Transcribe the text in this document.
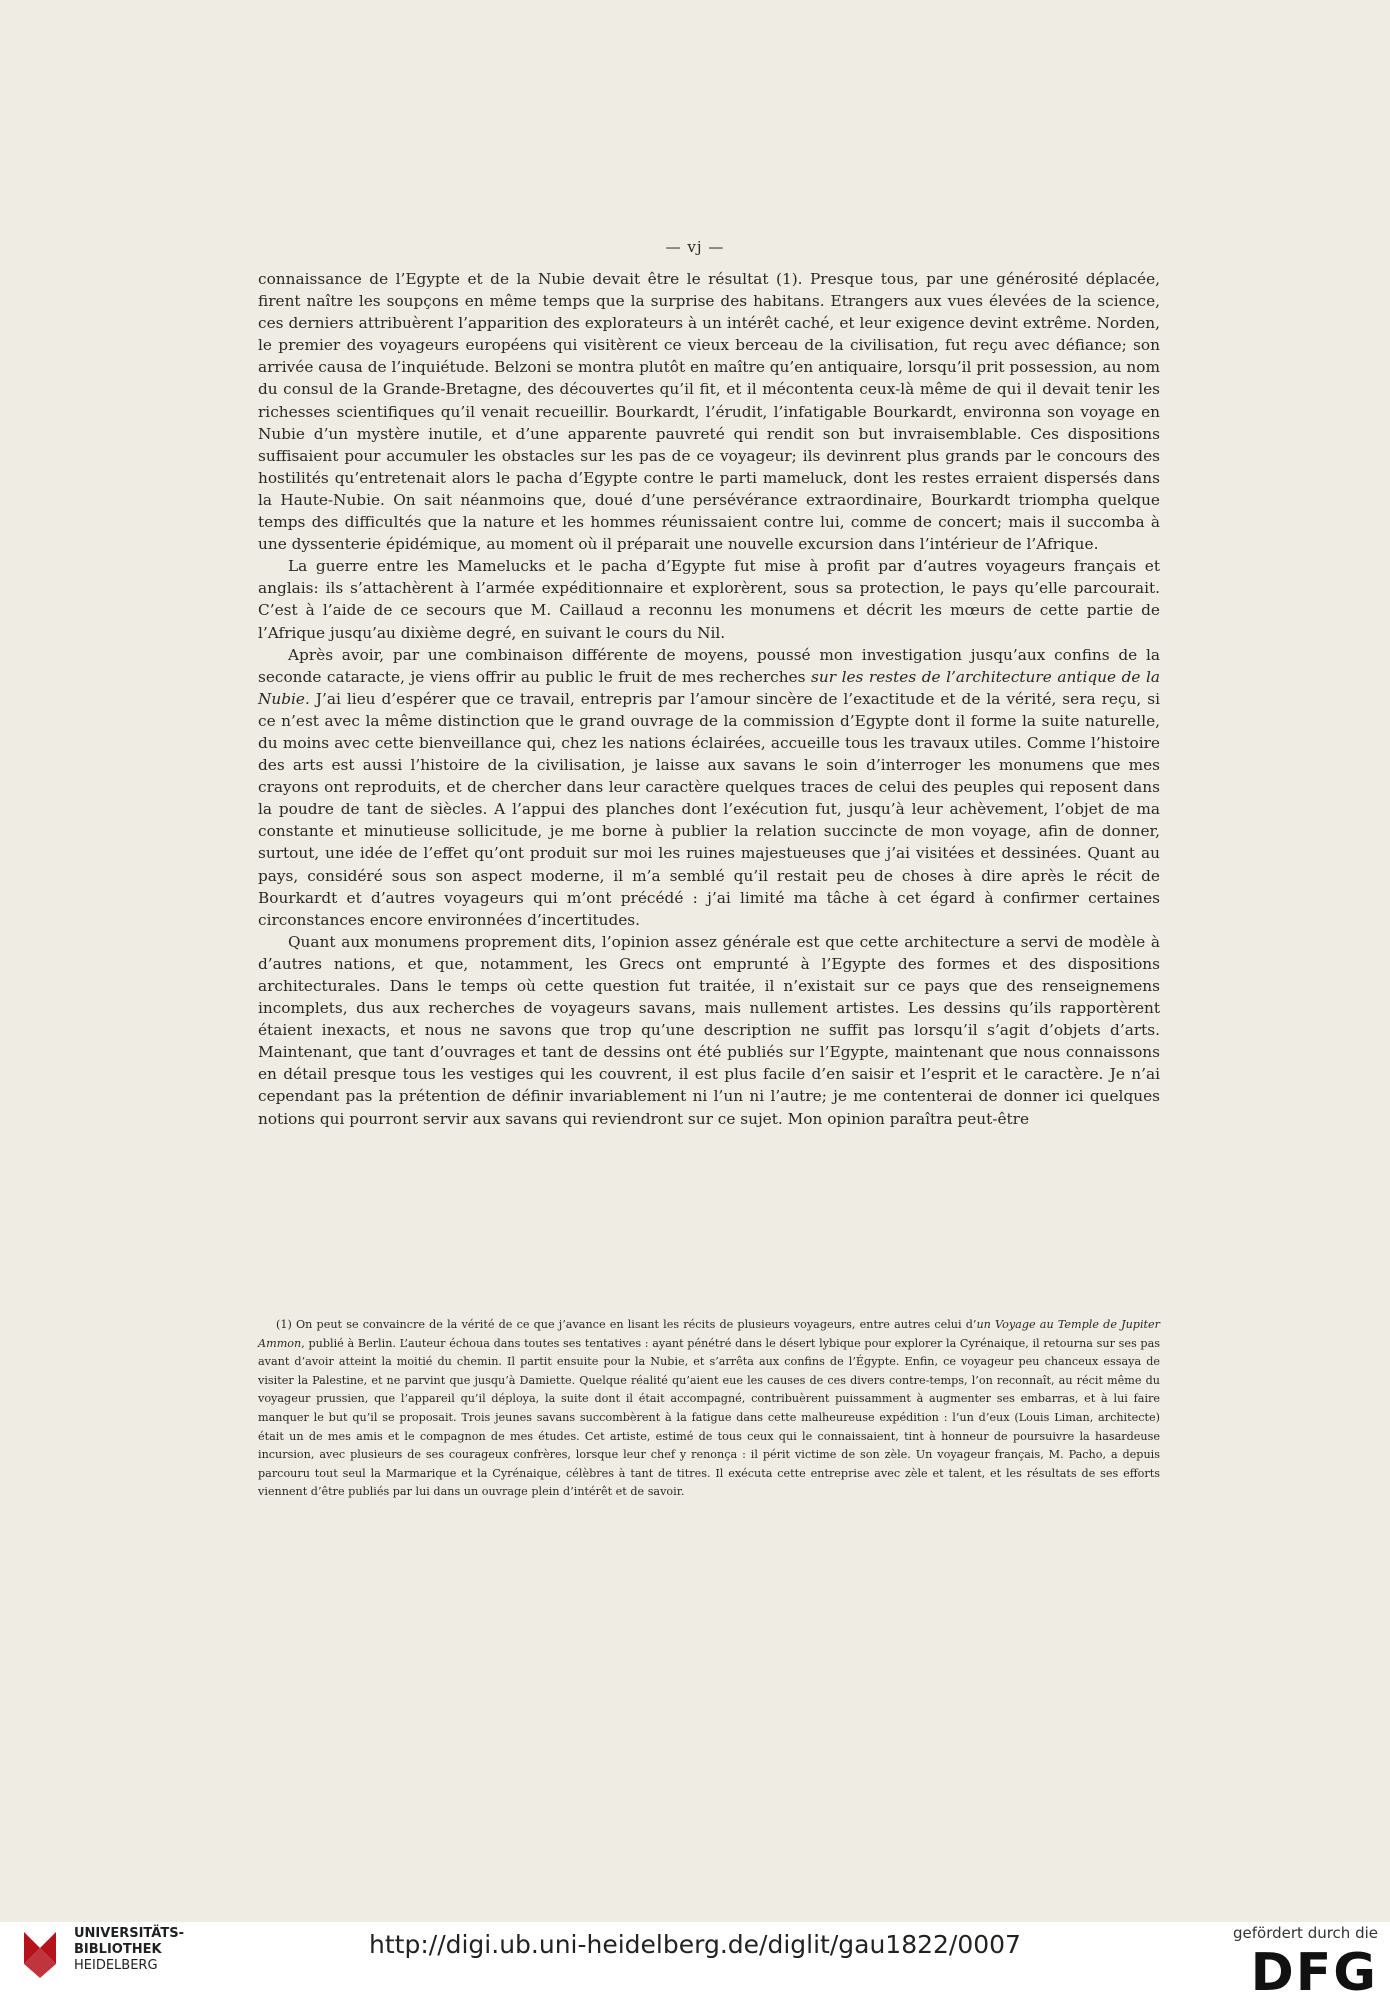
— vj —

connaissance de l’Egypte et de la Nubie devait être le résultat (1). Presque tous, par une générosité déplacée, firent naître les soupçons en même temps que la surprise des habitans. Etrangers aux vues élevées de la science, ces derniers attribuèrent l’apparition des explorateurs à un intérêt caché, et leur exigence devint extrême. Norden, le premier des voyageurs européens qui visitèrent ce vieux berceau de la civilisation, fut reçu avec défiance; son arrivée causa de l’inquiétude. Belzoni se montra plutôt en maître qu’en antiquaire, lorsqu’il prit possession, au nom du consul de la Grande-Bretagne, des découvertes qu’il fit, et il mécontenta ceux-là même de qui il devait tenir les richesses scientifiques qu’il venait recueillir. Bourkardt, l’érudit, l’infatigable Bourkardt, environna son voyage en Nubie d’un mystère inutile, et d’une apparente pauvreté qui rendit son but invraisemblable. Ces dispositions suffisaient pour accumuler les obstacles sur les pas de ce voyageur; ils devinrent plus grands par le concours des hostilités qu’entretenait alors le pacha d’Egypte contre le parti mameluck, dont les restes erraient dispersés dans la Haute-Nubie. On sait néanmoins que, doué d’une persévérance extraordinaire, Bourkardt triompha quelque temps des difficultés que la nature et les hommes réunissaient contre lui, comme de concert; mais il succomba à une dyssenterie épidémique, au moment où il préparait une nouvelle excursion dans l’intérieur de l’Afrique.

La guerre entre les Mamelucks et le pacha d’Egypte fut mise à profit par d’autres voyageurs français et anglais: ils s’attachèrent à l’armée expéditionnaire et explorèrent, sous sa protection, le pays qu’elle parcourait. C’est à l’aide de ce secours que M. Caillaud a reconnu les monumens et décrit les mœurs de cette partie de l’Afrique jusqu’au dixième degré, en suivant le cours du Nil.

Après avoir, par une combinaison différente de moyens, poussé mon investigation jusqu’aux confins de la seconde cataracte, je viens offrir au public le fruit de mes recherches sur les restes de l’architecture antique de la Nubie. J’ai lieu d’espérer que ce travail, entrepris par l’amour sincère de l’exactitude et de la vérité, sera reçu, si ce n’est avec la même distinction que le grand ouvrage de la commission d’Egypte dont il forme la suite naturelle, du moins avec cette bienveillance qui, chez les nations éclairées, accueille tous les travaux utiles. Comme l’histoire des arts est aussi l’histoire de la civilisation, je laisse aux savans le soin d’interroger les monumens que mes crayons ont reproduits, et de chercher dans leur caractère quelques traces de celui des peuples qui reposent dans la poudre de tant de siècles. A l’appui des planches dont l’exécution fut, jusqu’à leur achèvement, l’objet de ma constante et minutieuse sollicitude, je me borne à publier la relation succincte de mon voyage, afin de donner, surtout, une idée de l’effet qu’ont produit sur moi les ruines majestueuses que j’ai visitées et dessinées. Quant au pays, considéré sous son aspect moderne, il m’a semblé qu’il restait peu de choses à dire après le récit de Bourkardt et d’autres voyageurs qui m’ont précédé : j’ai limité ma tâche à cet égard à confirmer certaines circonstances encore environnées d’incertitudes.

Quant aux monumens proprement dits, l’opinion assez générale est que cette architecture a servi de modèle à d’autres nations, et que, notamment, les Grecs ont emprunté à l’Egypte des formes et des dispositions architecturales. Dans le temps où cette question fut traitée, il n’existait sur ce pays que des renseignemens incomplets, dus aux recherches de voyageurs savans, mais nullement artistes. Les dessins qu’ils rapportèrent étaient inexacts, et nous ne savons que trop qu’une description ne suffit pas lorsqu’il s’agit d’objets d’arts. Maintenant, que tant d’ouvrages et tant de dessins ont été publiés sur l’Egypte, maintenant que nous connaissons en détail presque tous les vestiges qui les couvrent, il est plus facile d’en saisir et l’esprit et le caractère. Je n’ai cependant pas la prétention de définir invariablement ni l’un ni l’autre; je me contenterai de donner ici quelques notions qui pourront servir aux savans qui reviendront sur ce sujet. Mon opinion paraîtra peut-être

(1) On peut se convaincre de la vérité de ce que j’avance en lisant les récits de plusieurs voyageurs, entre autres celui d’un Voyage au Temple de Jupiter Ammon, publié à Berlin. L’auteur échoua dans toutes ses tentatives : ayant pénétré dans le désert lybique pour explorer la Cyrénaique, il retourna sur ses pas avant d’avoir atteint la moitié du chemin. Il partit ensuite pour la Nubie, et s’arrêta aux confins de l’Égypte. Enfin, ce voyageur peu chanceux essaya de visiter la Palestine, et ne parvint que jusqu’à Damiette. Quelque réalité qu’aient eue les causes de ces divers contre-temps, l’on reconnaît, au récit même du voyageur prussien, que l’appareil qu’il déploya, la suite dont il était accompagné, contribuèrent puissamment à augmenter ses embarras, et à lui faire manquer le but qu’il se proposait. Trois jeunes savans succombèrent à la fatigue dans cette malheureuse expédition : l’un d’eux (Louis Liman, architecte) était un de mes amis et le compagnon de mes études. Cet artiste, estimé de tous ceux qui le connaissaient, tint à honneur de poursuivre la hasardeuse incursion, avec plusieurs de ses courageux confrères, lorsque leur chef y renonça : il périt victime de son zèle. Un voyageur français, M. Pacho, a depuis parcouru tout seul la Marmarique et la Cyrénaique, célèbres à tant de titres. Il exécuta cette entreprise avec zèle et talent, et les résultats de ses efforts viennent d’être publiés par lui dans un ouvrage plein d’intérêt et de savoir.

UNIVERSITÄTS-
BIBLIOTHEK
HEIDELBERG
http://digi.ub.uni-heidelberg.de/diglit/gau1822/0007	gefördert durch die
DFG
